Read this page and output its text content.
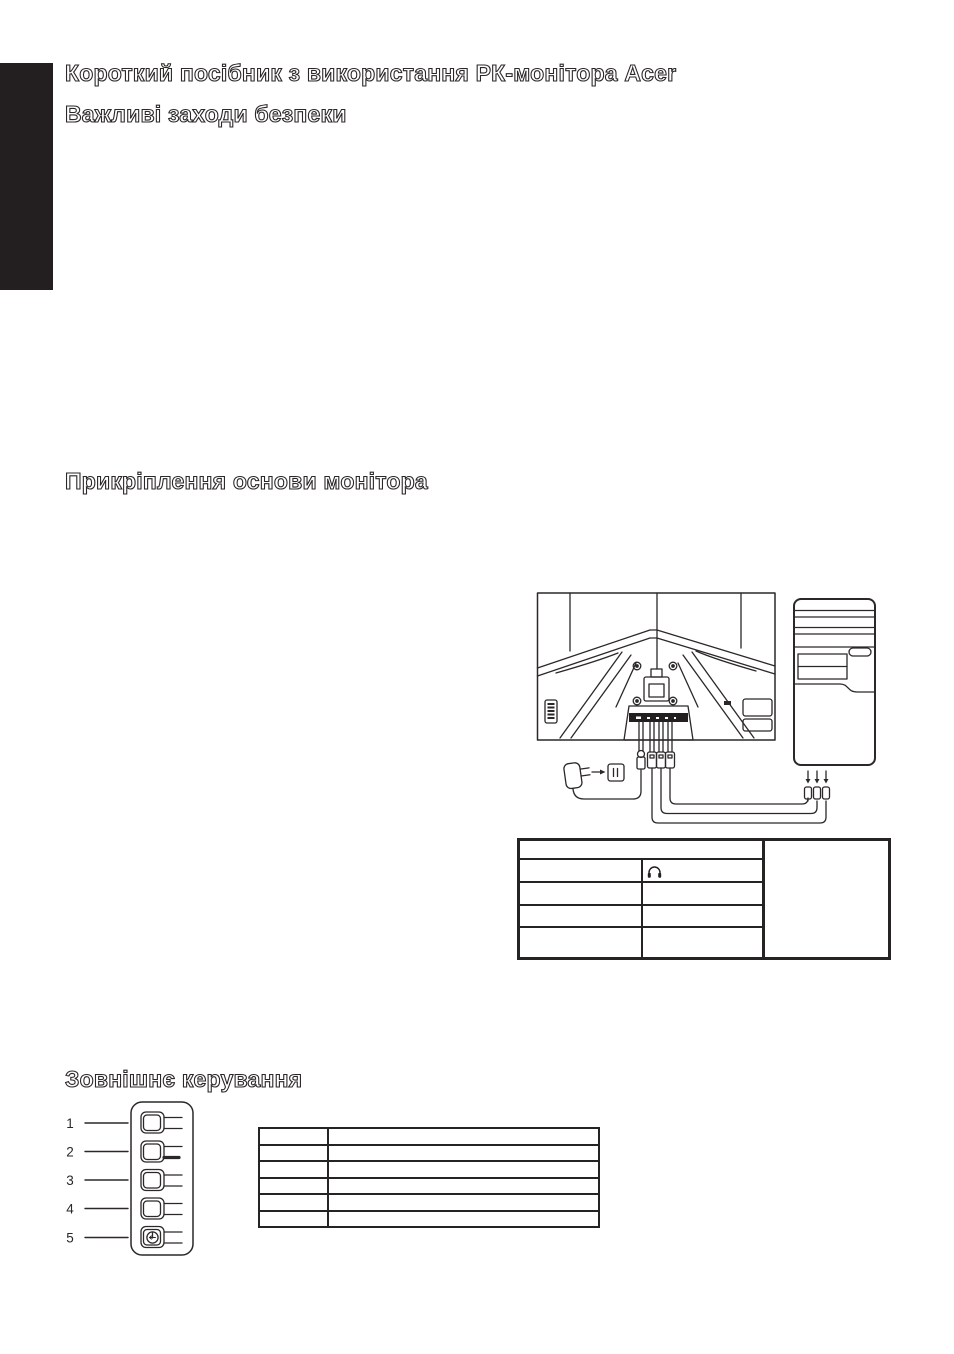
Короткий посібник з використання РК-монітора Acer
Важливі заходи безпеки
Прикріплення основи монітора
Зовнішнє керування
1
2
3
4
5
